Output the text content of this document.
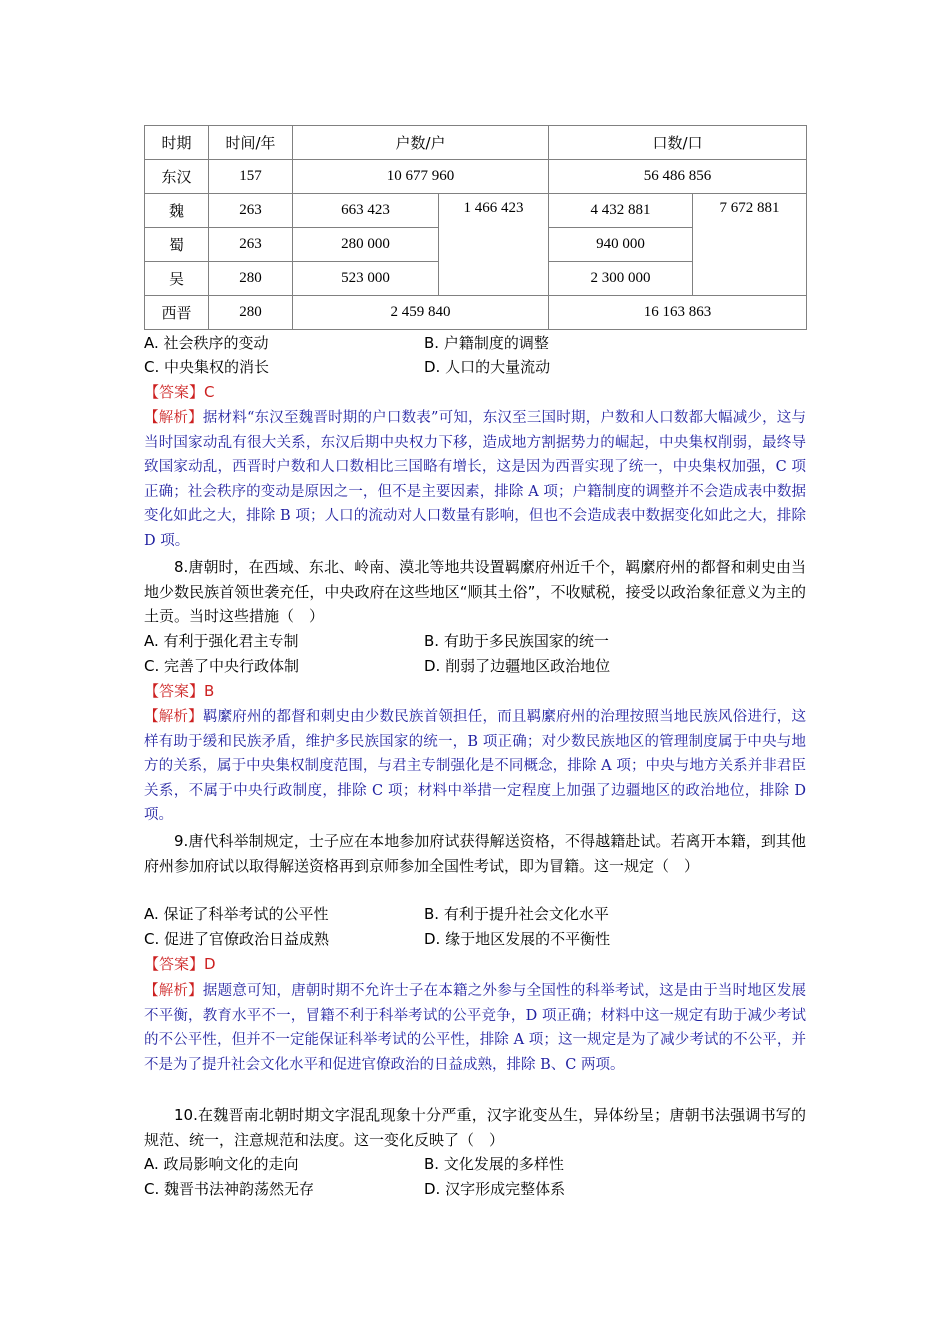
时期	时间/年	户数/户		口数/口	
东汉	157	10 677 960		56 486 856	
魏	263	663 423	1 466 423	4 432 881	7 672 881
蜀	263	280 000		940 000	
吴	280	523 000		2 300 000	
西晋	280	2 459 840		16 163 863	
A. 社会秩序的变动	B. 户籍制度的调整
C. 中央集权的消长	D. 人口的大量流动
【答案】C
【解析】据材料“东汉至魏晋时期的户口数表”可知，东汉至三国时期，户数和人口数都大幅减少，这与当时国家动乱有很大关系，东汉后期中央权力下移，造成地方割据势力的崛起，中央集权削弱，最终导致国家动乱，西晋时户数和人口数相比三国略有增长，这是因为西晋实现了统一，中央集权加强，C 项正确；社会秩序的变动是原因之一，但不是主要因素，排除 A 项；户籍制度的调整并不会造成表中数据变化如此之大，排除 B 项；人口的流动对人口数量有影响，但也不会造成表中数据变化如此之大，排除 D 项。
8.唐朝时，在西域、东北、岭南、漠北等地共设置羁縻府州近千个，羁縻府州的都督和刺史由当地少数民族首领世袭充任，中央政府在这些地区“顺其土俗”，不收赋税，接受以政治象征意义为主的土贡。当时这些措施（　）
A. 有利于强化君主专制	B. 有助于多民族国家的统一
C. 完善了中央行政体制	D. 削弱了边疆地区政治地位
【答案】B
【解析】羁縻府州的都督和刺史由少数民族首领担任，而且羁縻府州的治理按照当地民族风俗进行，这样有助于缓和民族矛盾，维护多民族国家的统一，B 项正确；对少数民族地区的管理制度属于中央与地方的关系，属于中央集权制度范围，与君主专制强化是不同概念，排除 A 项；中央与地方关系并非君臣关系，不属于中央行政制度，排除 C 项；材料中举措一定程度上加强了边疆地区的政治地位，排除 D 项。
9.唐代科举制规定，士子应在本地参加府试获得解送资格，不得越籍赴试。若离开本籍，到其他府州参加府试以取得解送资格再到京师参加全国性考试，即为冒籍。这一规定（　）
A. 保证了科举考试的公平性	B. 有利于提升社会文化水平
C. 促进了官僚政治日益成熟	D. 缘于地区发展的不平衡性
【答案】D
【解析】据题意可知，唐朝时期不允许士子在本籍之外参与全国性的科举考试，这是由于当时地区发展不平衡，教育水平不一，冒籍不利于科举考试的公平竞争，D 项正确；材料中这一规定有助于减少考试的不公平性，但并不一定能保证科举考试的公平性，排除 A 项；这一规定是为了减少考试的不公平，并不是为了提升社会文化水平和促进官僚政治的日益成熟，排除 B、C 两项。
10.在魏晋南北朝时期文字混乱现象十分严重，汉字讹变丛生，异体纷呈；唐朝书法强调书写的规范、统一，注意规范和法度。这一变化反映了（　）
A. 政局影响文化的走向	B. 文化发展的多样性
C. 魏晋书法神韵荡然无存	D. 汉字形成完整体系
